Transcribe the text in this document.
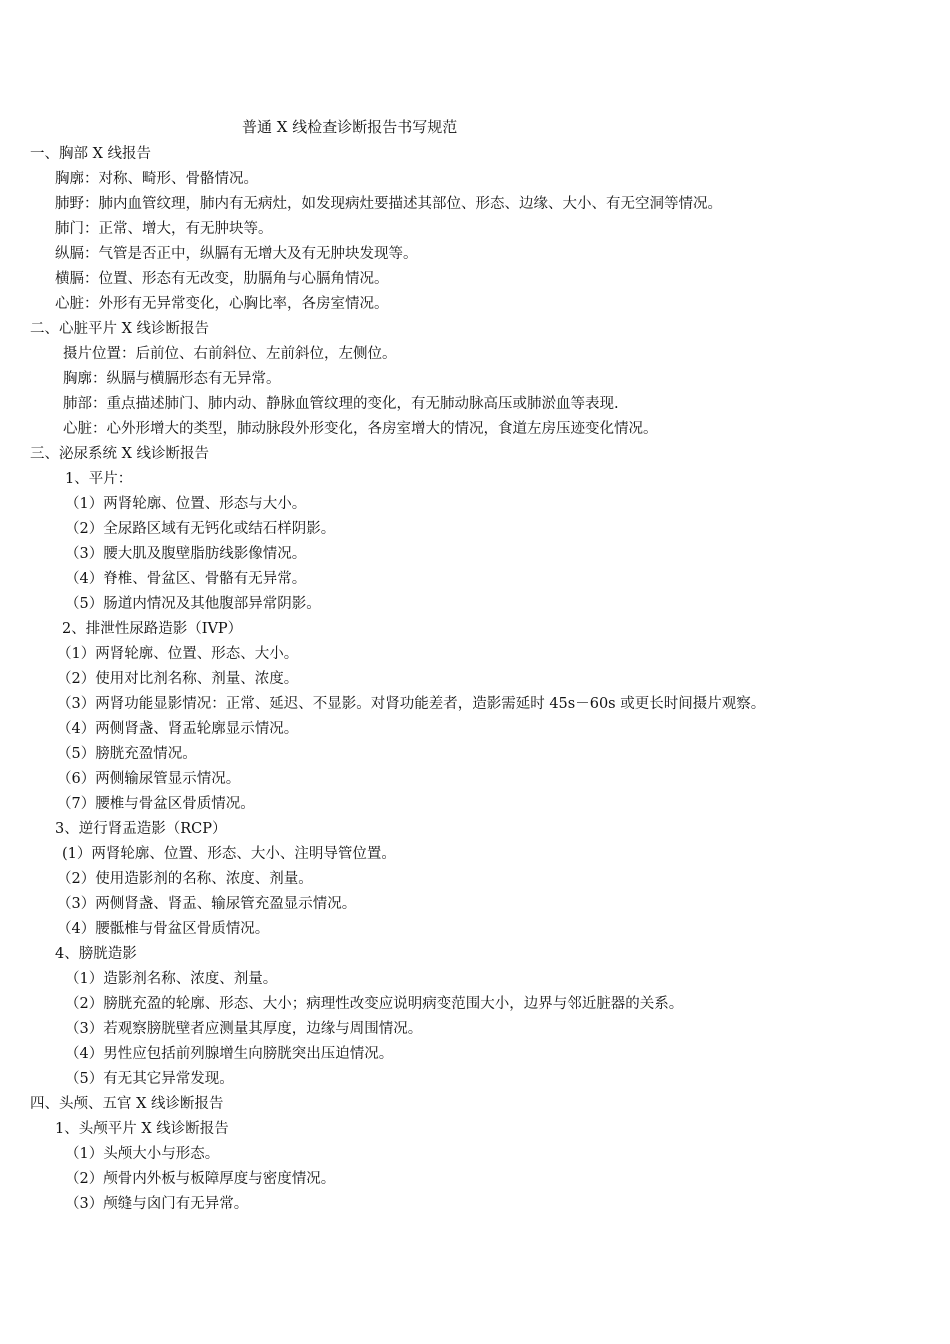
普通 X 线检查诊断报告书写规范
一、胸部 X 线报告
胸廓：对称、畸形、骨骼情况。
肺野：肺内血管纹理，肺内有无病灶，如发现病灶要描述其部位、形态、边缘、大小、有无空洞等情况。
肺门：正常、增大，有无肿块等。
纵膈：气管是否正中，纵膈有无增大及有无肿块发现等。
横膈：位置、形态有无改变，肋膈角与心膈角情况。
心脏：外形有无异常变化，心胸比率，各房室情况。
二、心脏平片 X 线诊断报告
摄片位置：后前位、右前斜位、左前斜位，左侧位。
胸廓：纵膈与横膈形态有无异常。
肺部：重点描述肺门、肺内动、静脉血管纹理的变化，有无肺动脉高压或肺淤血等表现.
心脏：心外形增大的类型，肺动脉段外形变化，各房室增大的情况，食道左房压迹变化情况。
三、泌尿系统 X 线诊断报告
1、平片：
（1）两肾轮廓、位置、形态与大小。
（2）全尿路区域有无钙化或结石样阴影。
（3）腰大肌及腹壁脂肪线影像情况。
（4）脊椎、骨盆区、骨骼有无异常。
（5）肠道内情况及其他腹部异常阴影。
2、排泄性尿路造影（IVP）
（1）两肾轮廓、位置、形态、大小。
（2）使用对比剂名称、剂量、浓度。
（3）两肾功能显影情况：正常、延迟、不显影。对肾功能差者，造影需延时 45s－60s 或更长时间摄片观察。
（4）两侧肾盏、肾盂轮廓显示情况。
（5）膀胱充盈情况。
（6）两侧输尿管显示情况。
（7）腰椎与骨盆区骨质情况。
3、逆行肾盂造影（RCP）
(1）两肾轮廓、位置、形态、大小、注明导管位置。
（2）使用造影剂的名称、浓度、剂量。
（3）两侧肾盏、肾盂、输尿管充盈显示情况。
（4）腰骶椎与骨盆区骨质情况。
4、膀胱造影
（1）造影剂名称、浓度、剂量。
（2）膀胱充盈的轮廓、形态、大小；病理性改变应说明病变范围大小，边界与邻近脏器的关系。
（3）若观察膀胱壁者应测量其厚度，边缘与周围情况。
（4）男性应包括前列腺增生向膀胱突出压迫情况。
（5）有无其它异常发现。
四、头颅、五官 X 线诊断报告
1、头颅平片 X 线诊断报告
（1）头颅大小与形态。
（2）颅骨内外板与板障厚度与密度情况。
（3）颅缝与囟门有无异常。
